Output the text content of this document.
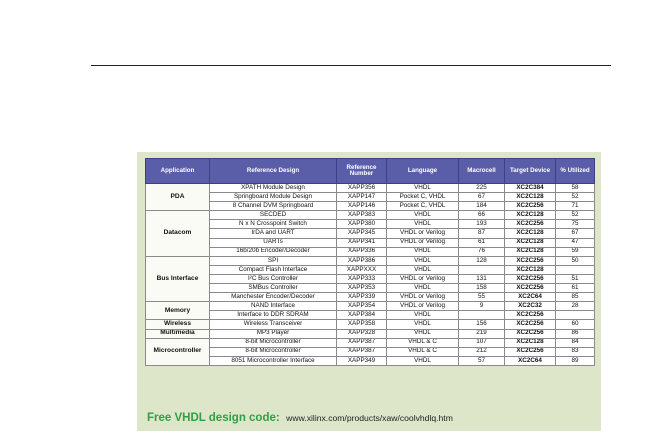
Application	Reference Design	Reference Number	Language	Macrocell	Target Device	% Utilized
PDA	XPATH Module Design	XAPP356	VHDL	225	XC2C384	58
	Springboard Module Design	XAPP147	Pocket C, VHDL	67	XC2C128	52
	8 Channel DVM Springboard	XAPP146	Pocket C, VHDL	184	XC2C256	71
Datacom	SECDED	XAPP383	VHDL	66	XC2C128	52
	N x N Crosspoint Switch	XAPP380	VHDL	193	XC2C256	75
	IrDA and UART	XAPP345	VHDL or Verilog	87	XC2C128	67
	UARTs	XAPP341	VHDL or Verilog	61	XC2C128	47
	16b/20b Encoder/Decoder	XAPP336	VHDL	76	XC2C128	59
Bus Interface	SPI	XAPP386	VHDL	128	XC2C256	50
	Compact Flash Interface	XAPPXXX	VHDL		XC2C128	
	I²C Bus Controller	XAPP333	VHDL or Verilog	131	XC2C256	51
	SMBus Controller	XAPP353	VHDL	158	XC2C256	61
	Manchester Encoder/Decoder	XAPP339	VHDL or Verilog	55	XC2C64	85
Memory	NAND Interface	XAPP354	VHDL or Verilog	9	XC2C32	28
	Interface to DDR SDRAM	XAPP384	VHDL		XC2C256	
Wireless	Wireless Transceiver	XAPP358	VHDL	156	XC2C256	60
Multimedia	MP3 Player	XAPP328	VHDL	219	XC2C256	86
Microcontroller	8-bit Microcontroller	XAPP387	VHDL & C	107	XC2C128	84
	8-bit Microcontroller	XAPP387	VHDL & C	212	XC2C256	83
	8051 Microcontroller Interface	XAPP349	VHDL	57	XC2C64	89
Free VHDL design code: www.xilinx.com/products/xaw/coolvhdlq.htm
